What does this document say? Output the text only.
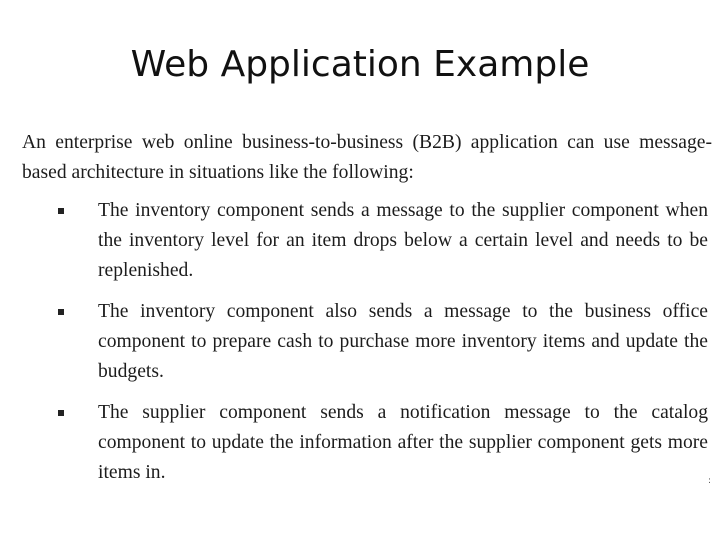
Web Application Example

An enterprise web online business-to-business (B2B) application can use message-based architecture in situations like the following:

The inventory component sends a message to the supplier component when the inventory level for an item drops below a certain level and needs to be replenished.
The inventory component also sends a message to the business office component to prepare cash to purchase more inventory items and update the budgets.
The supplier component sends a notification message to the catalog component to update the information after the supplier component gets more items in.	:
